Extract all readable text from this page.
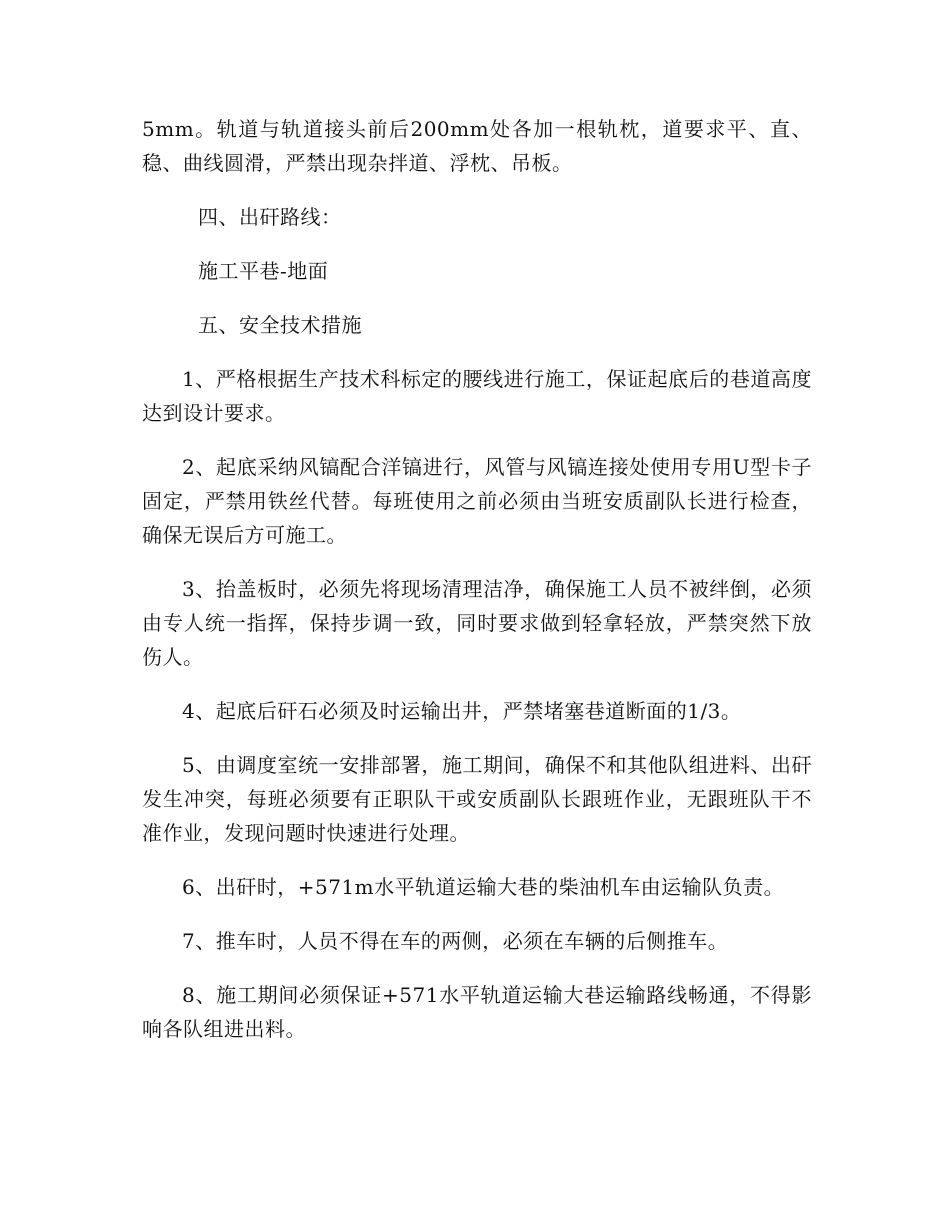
5mm。轨道与轨道接头前后200mm处各加一根轨枕，道要求平、直、稳、曲线圆滑，严禁出现杂拌道、浮枕、吊板。

四、出矸路线：

施工平巷-地面

五、安全技术措施

1、严格根据生产技术科标定的腰线进行施工，保证起底后的巷道高度达到设计要求。

2、起底采纳风镐配合洋镐进行，风管与风镐连接处使用专用U型卡子固定，严禁用铁丝代替。每班使用之前必须由当班安质副队长进行检查，确保无误后方可施工。

3、抬盖板时，必须先将现场清理洁净，确保施工人员不被绊倒，必须由专人统一指挥，保持步调一致，同时要求做到轻拿轻放，严禁突然下放伤人。

4、起底后矸石必须及时运输出井，严禁堵塞巷道断面的1/3。

5、由调度室统一安排部署，施工期间，确保不和其他队组进料、出矸发生冲突，每班必须要有正职队干或安质副队长跟班作业，无跟班队干不准作业，发现问题时快速进行处理。

6、出矸时，+571m水平轨道运输大巷的柴油机车由运输队负责。

7、推车时，人员不得在车的两侧，必须在车辆的后侧推车。

8、施工期间必须保证+571水平轨道运输大巷运输路线畅通，不得影响各队组进出料。
